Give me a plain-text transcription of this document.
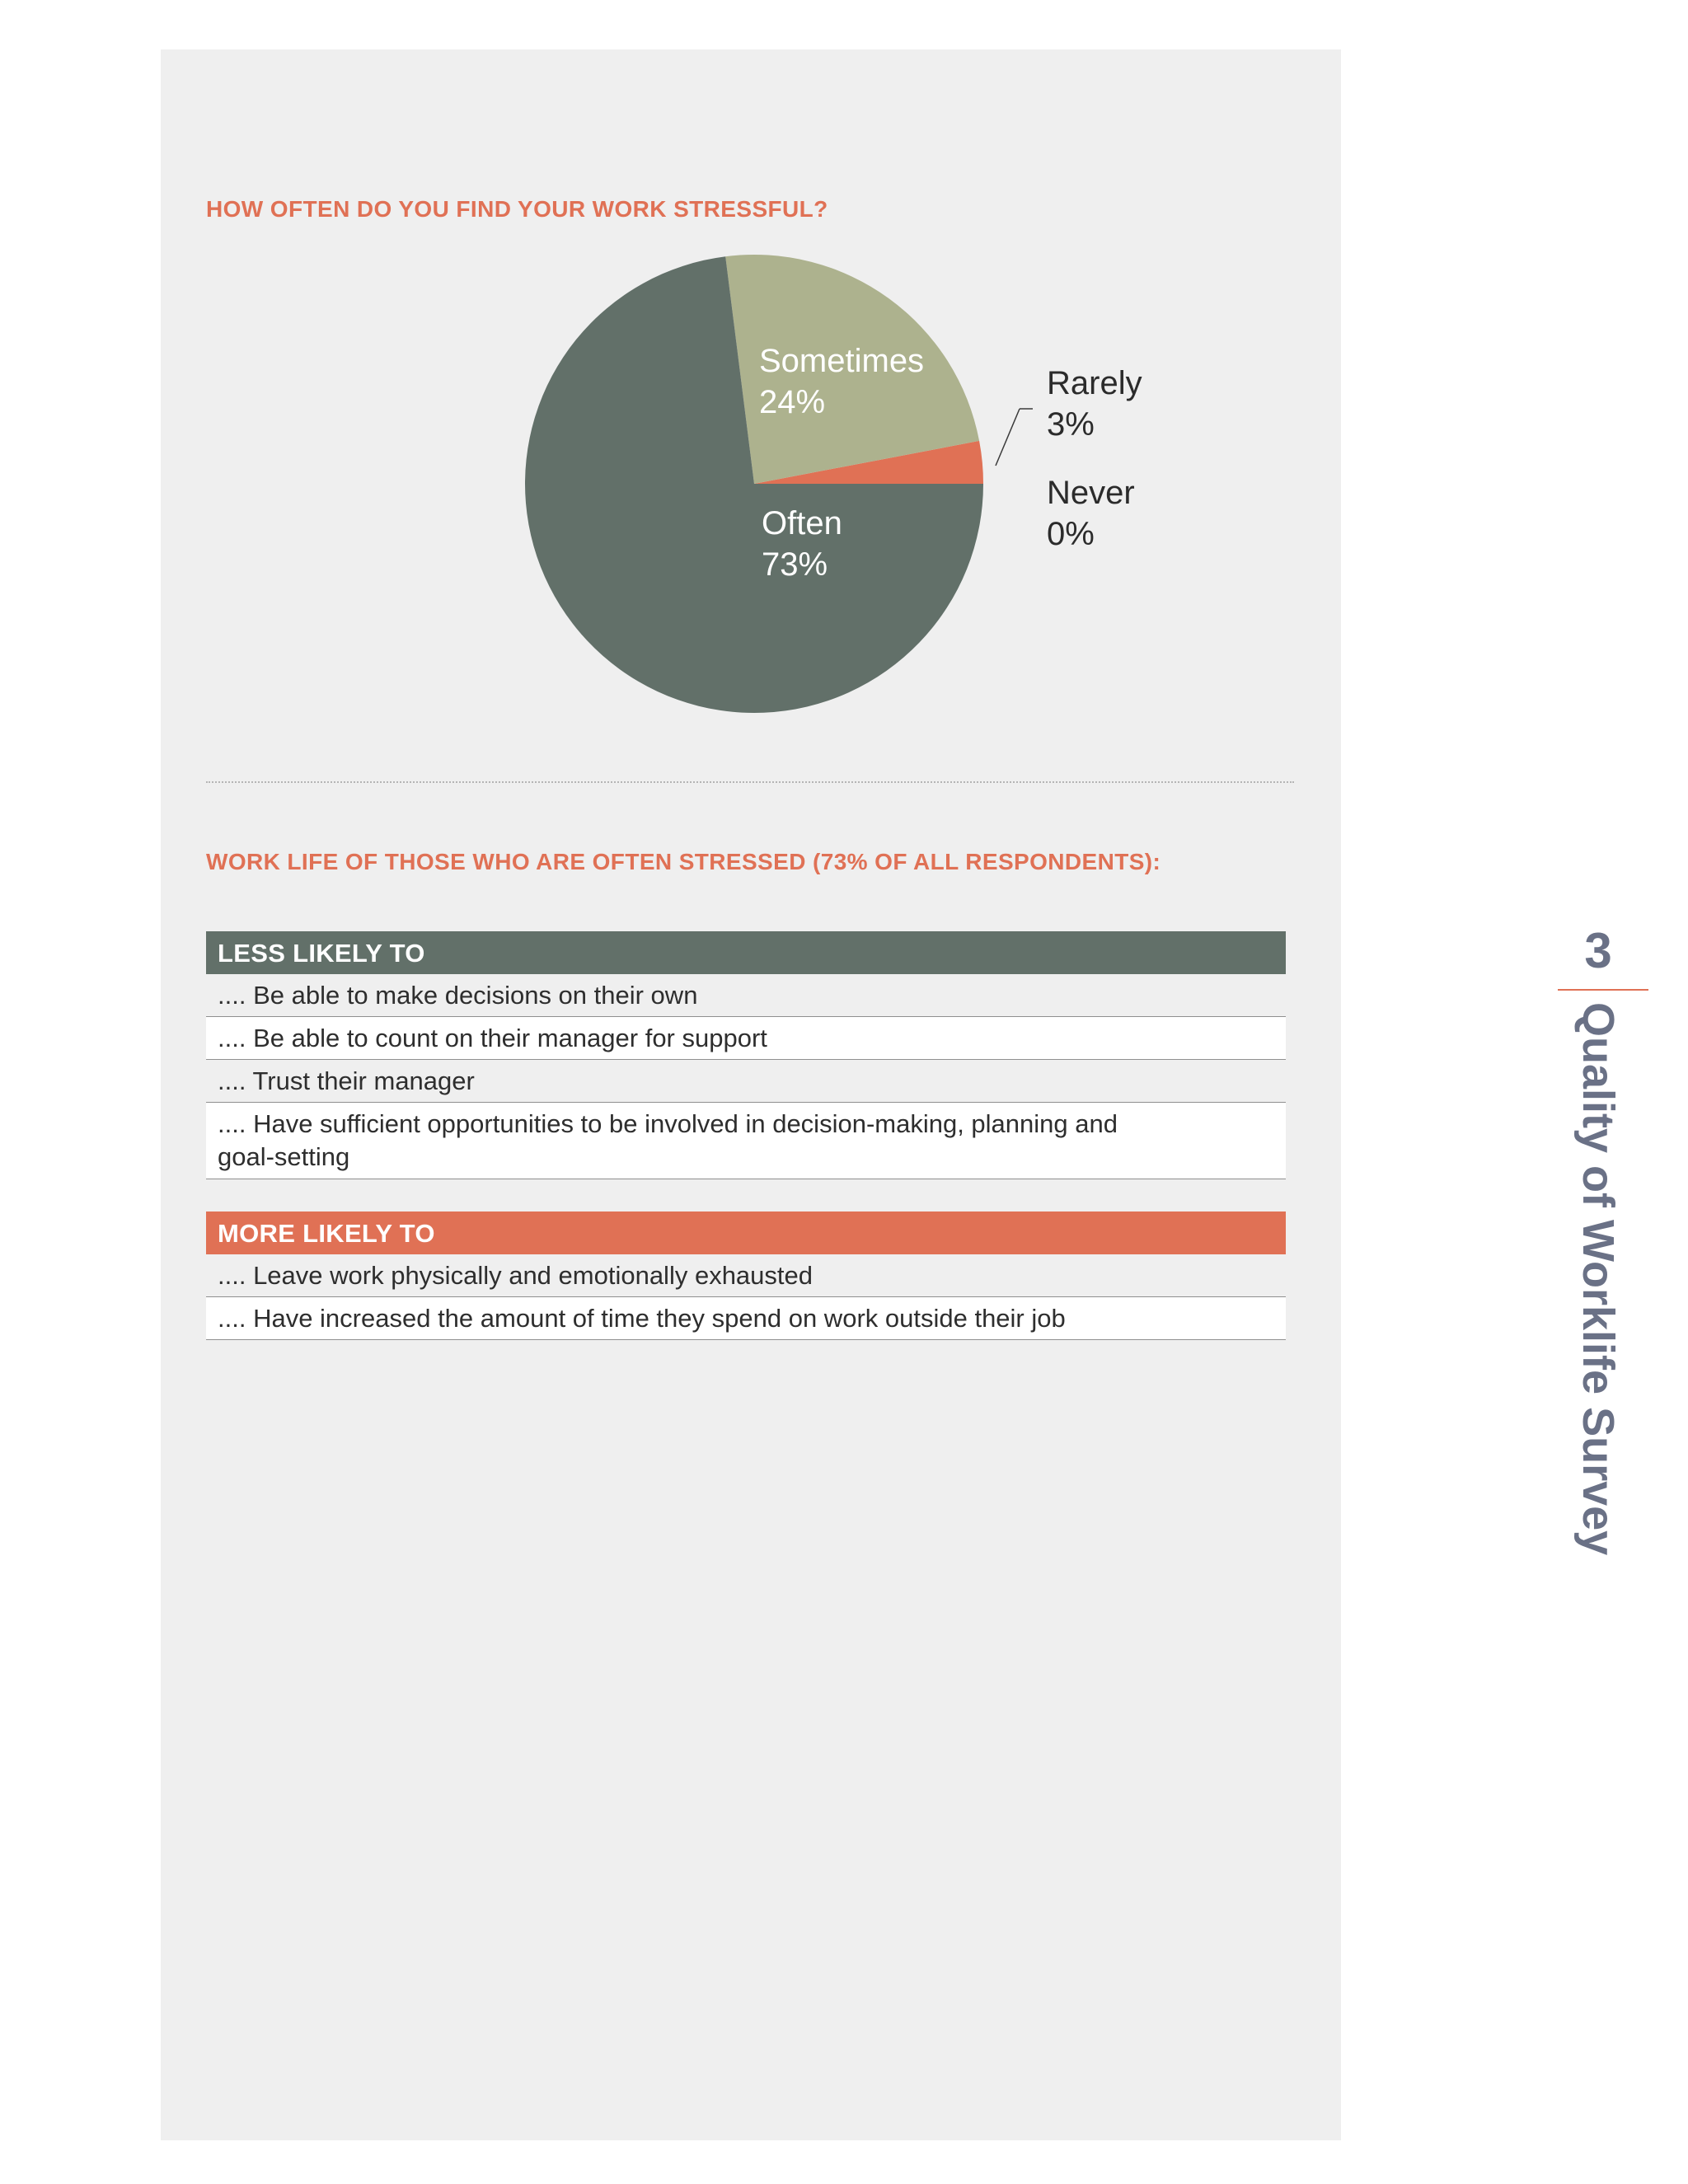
HOW OFTEN DO YOU FIND YOUR WORK STRESSFUL?
Often
73%
Sometimes
24%
Rarely
3%
Never
0%
WORK LIFE OF THOSE WHO ARE OFTEN STRESSED (73% OF ALL RESPONDENTS):
LESS LIKELY TO
.... Be able to make decisions on their own
.... Be able to count on their manager for support
.... Trust their manager
.... Have sufficient opportunities to be involved in decision-making, planning and goal-setting
MORE LIKELY TO
.... Leave work physically and emotionally exhausted
.... Have increased the amount of time they spend on work outside their job
3
Quality of Worklife Survey
